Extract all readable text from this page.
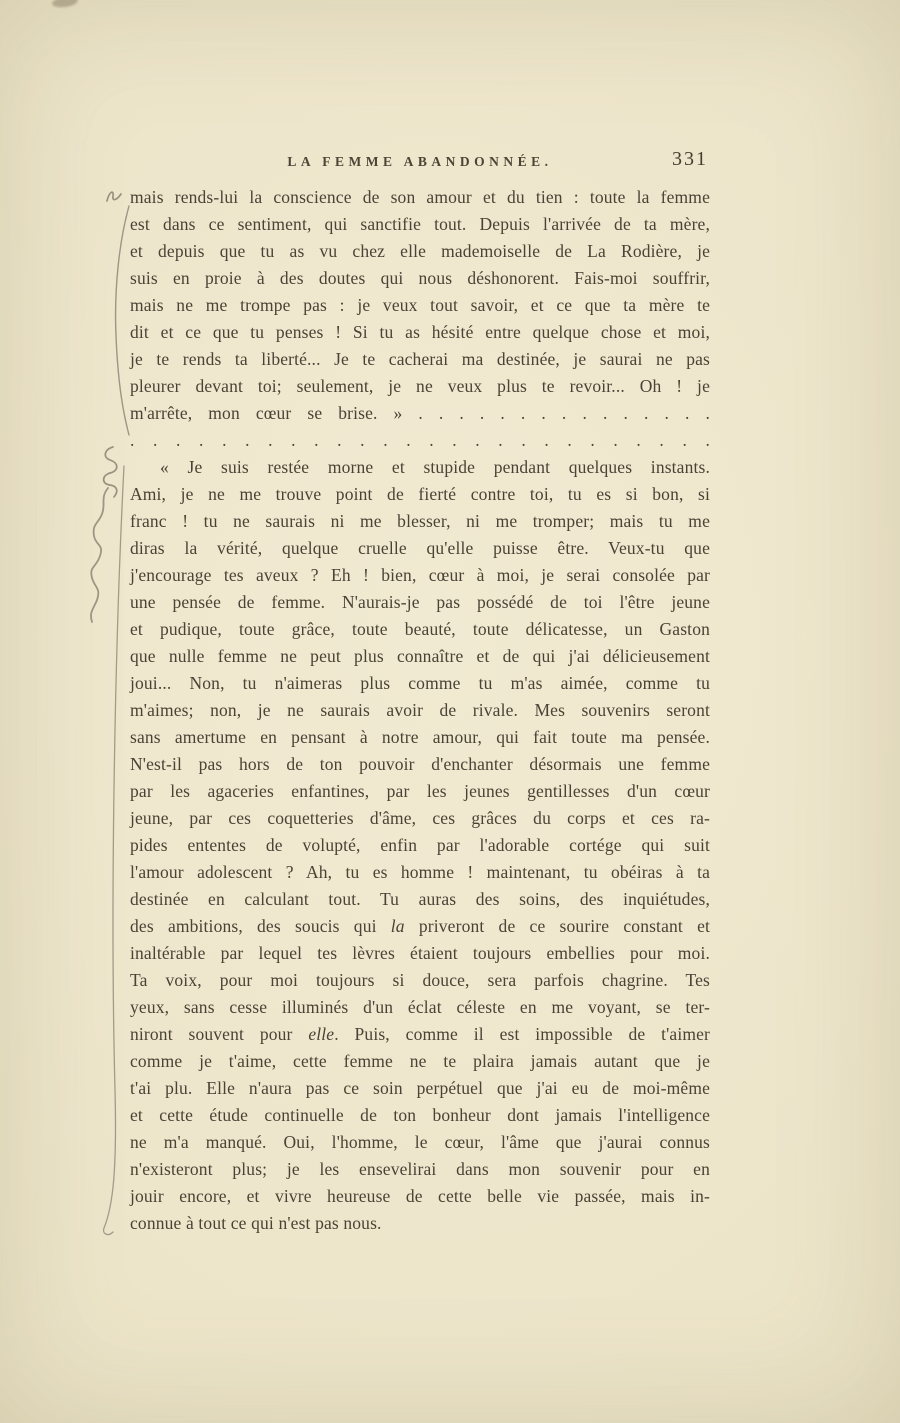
LA FEMME ABANDONNÉE.	331
mais rends-lui la conscience de son amour et du tien : toute la femme
est dans ce sentiment, qui sanctifie tout. Depuis l'arrivée de ta mère,
et depuis que tu as vu chez elle mademoiselle de La Rodière, je
suis en proie à des doutes qui nous déshonorent. Fais-moi souffrir,
mais ne me trompe pas : je veux tout savoir, et ce que ta mère te
dit et ce que tu penses ! Si tu as hésité entre quelque chose et moi,
je te rends ta liberté... Je te cacherai ma destinée, je saurai ne pas
pleurer devant toi; seulement, je ne veux plus te revoir... Oh ! je
m'arrête, mon cœur se brise. » . . . . . . . . . . . . . . .
. . . . . . . . . . . . . . . . . . . . . . . . . .
« Je suis restée morne et stupide pendant quelques instants.
Ami, je ne me trouve point de fierté contre toi, tu es si bon, si
franc ! tu ne saurais ni me blesser, ni me tromper; mais tu me
diras la vérité, quelque cruelle qu'elle puisse être. Veux-tu que
j'encourage tes aveux ? Eh ! bien, cœur à moi, je serai consolée par
une pensée de femme. N'aurais-je pas possédé de toi l'être jeune
et pudique, toute grâce, toute beauté, toute délicatesse, un Gaston
que nulle femme ne peut plus connaître et de qui j'ai délicieusement
joui... Non, tu n'aimeras plus comme tu m'as aimée, comme tu
m'aimes; non, je ne saurais avoir de rivale. Mes souvenirs seront
sans amertume en pensant à notre amour, qui fait toute ma pensée.
N'est-il pas hors de ton pouvoir d'enchanter désormais une femme
par les agaceries enfantines, par les jeunes gentillesses d'un cœur
jeune, par ces coquetteries d'âme, ces grâces du corps et ces ra-
pides ententes de volupté, enfin par l'adorable cortége qui suit
l'amour adolescent ? Ah, tu es homme ! maintenant, tu obéiras à ta
destinée en calculant tout. Tu auras des soins, des inquiétudes,
des ambitions, des soucis qui la priveront de ce sourire constant et
inaltérable par lequel tes lèvres étaient toujours embellies pour moi.
Ta voix, pour moi toujours si douce, sera parfois chagrine. Tes
yeux, sans cesse illuminés d'un éclat céleste en me voyant, se ter-
niront souvent pour elle. Puis, comme il est impossible de t'aimer
comme je t'aime, cette femme ne te plaira jamais autant que je
t'ai plu. Elle n'aura pas ce soin perpétuel que j'ai eu de moi-même
et cette étude continuelle de ton bonheur dont jamais l'intelligence
ne m'a manqué. Oui, l'homme, le cœur, l'âme que j'aurai connus
n'existeront plus; je les ensevelirai dans mon souvenir pour en
jouir encore, et vivre heureuse de cette belle vie passée, mais in-
connue à tout ce qui n'est pas nous.
